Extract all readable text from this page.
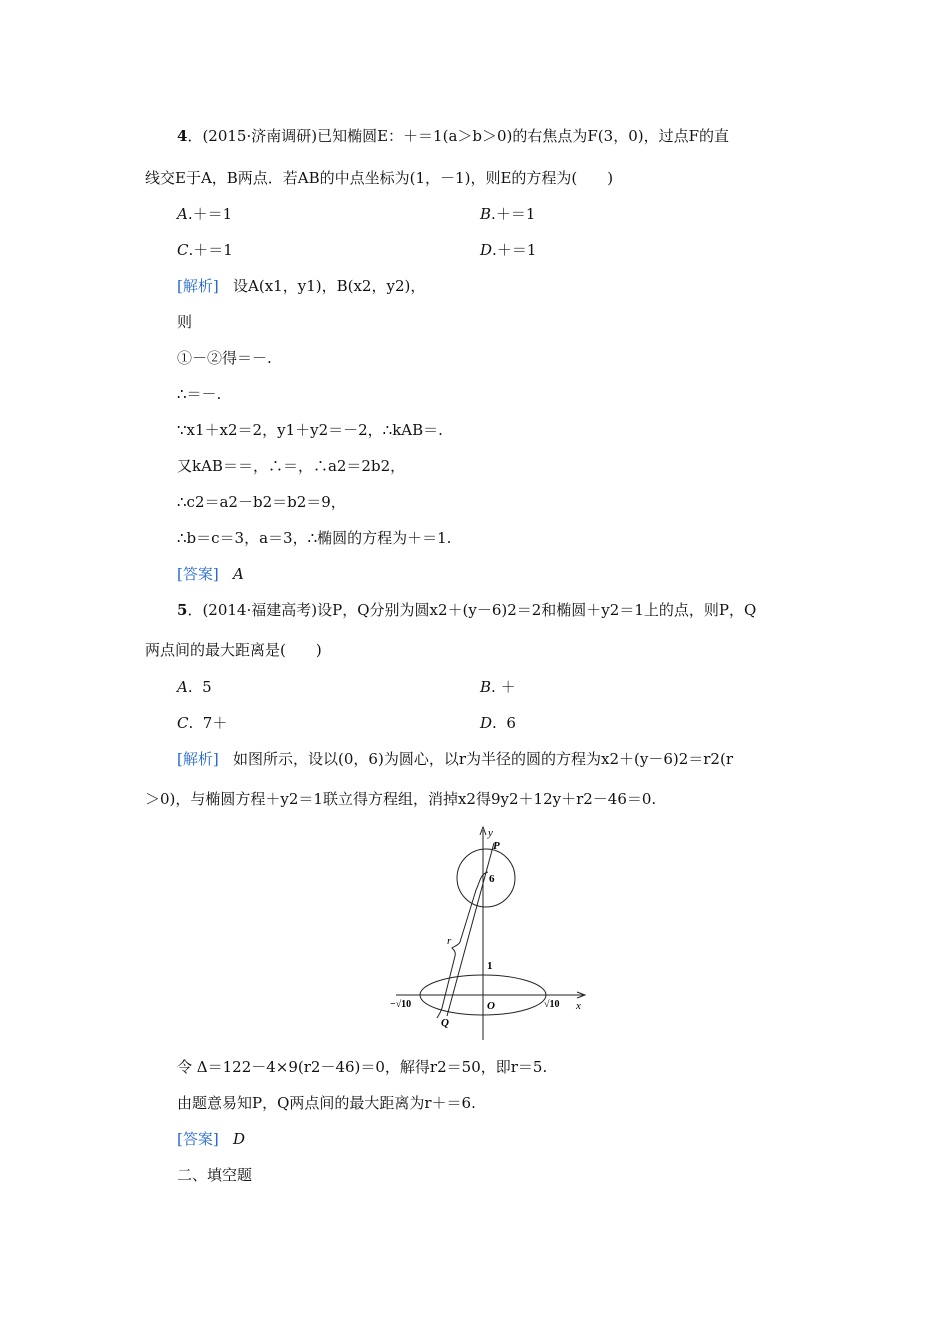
4．(2015·济南调研)已知椭圆E：＋＝1(a＞b＞0)的右焦点为F(3，0)，过点F的直
线交E于A，B两点．若AB的中点坐标为(1，－1)，则E的方程为(　　)
A.＋＝1	B.＋＝1
C.＋＝1	D.＋＝1
[解析] 设A(x1，y1)，B(x2，y2)，
则
①－②得＝－.
∴＝－.
∵x1＋x2＝2，y1＋y2＝－2，∴kAB＝.
又kAB＝＝，∴＝，∴a2＝2b2，
∴c2＝a2－b2＝b2＝9，
∴b＝c＝3，a＝3，∴椭圆的方程为＋＝1.
[答案] A
5．(2014·福建高考)设P，Q分别为圆x2＋(y－6)2＝2和椭圆＋y2＝1上的点，则P，Q
两点间的最大距离是(　　)
A.  5	B. ＋
C.  7＋	D.  6
[解析] 如图所示，设以(0，6)为圆心，以r为半径的圆的方程为x2＋(y－6)2＝r2(r
＞0)，与椭圆方程＋y2＝1联立得方程组，消掉x2得9y2＋12y＋r2－46＝0.
y
x
P
6
r
1
O
−√10	√10
Q
令 Δ＝122－4×9(r2－46)＝0，解得r2＝50，即r＝5.
由题意易知P，Q两点间的最大距离为r＋＝6.
[答案] D
二、填空题
